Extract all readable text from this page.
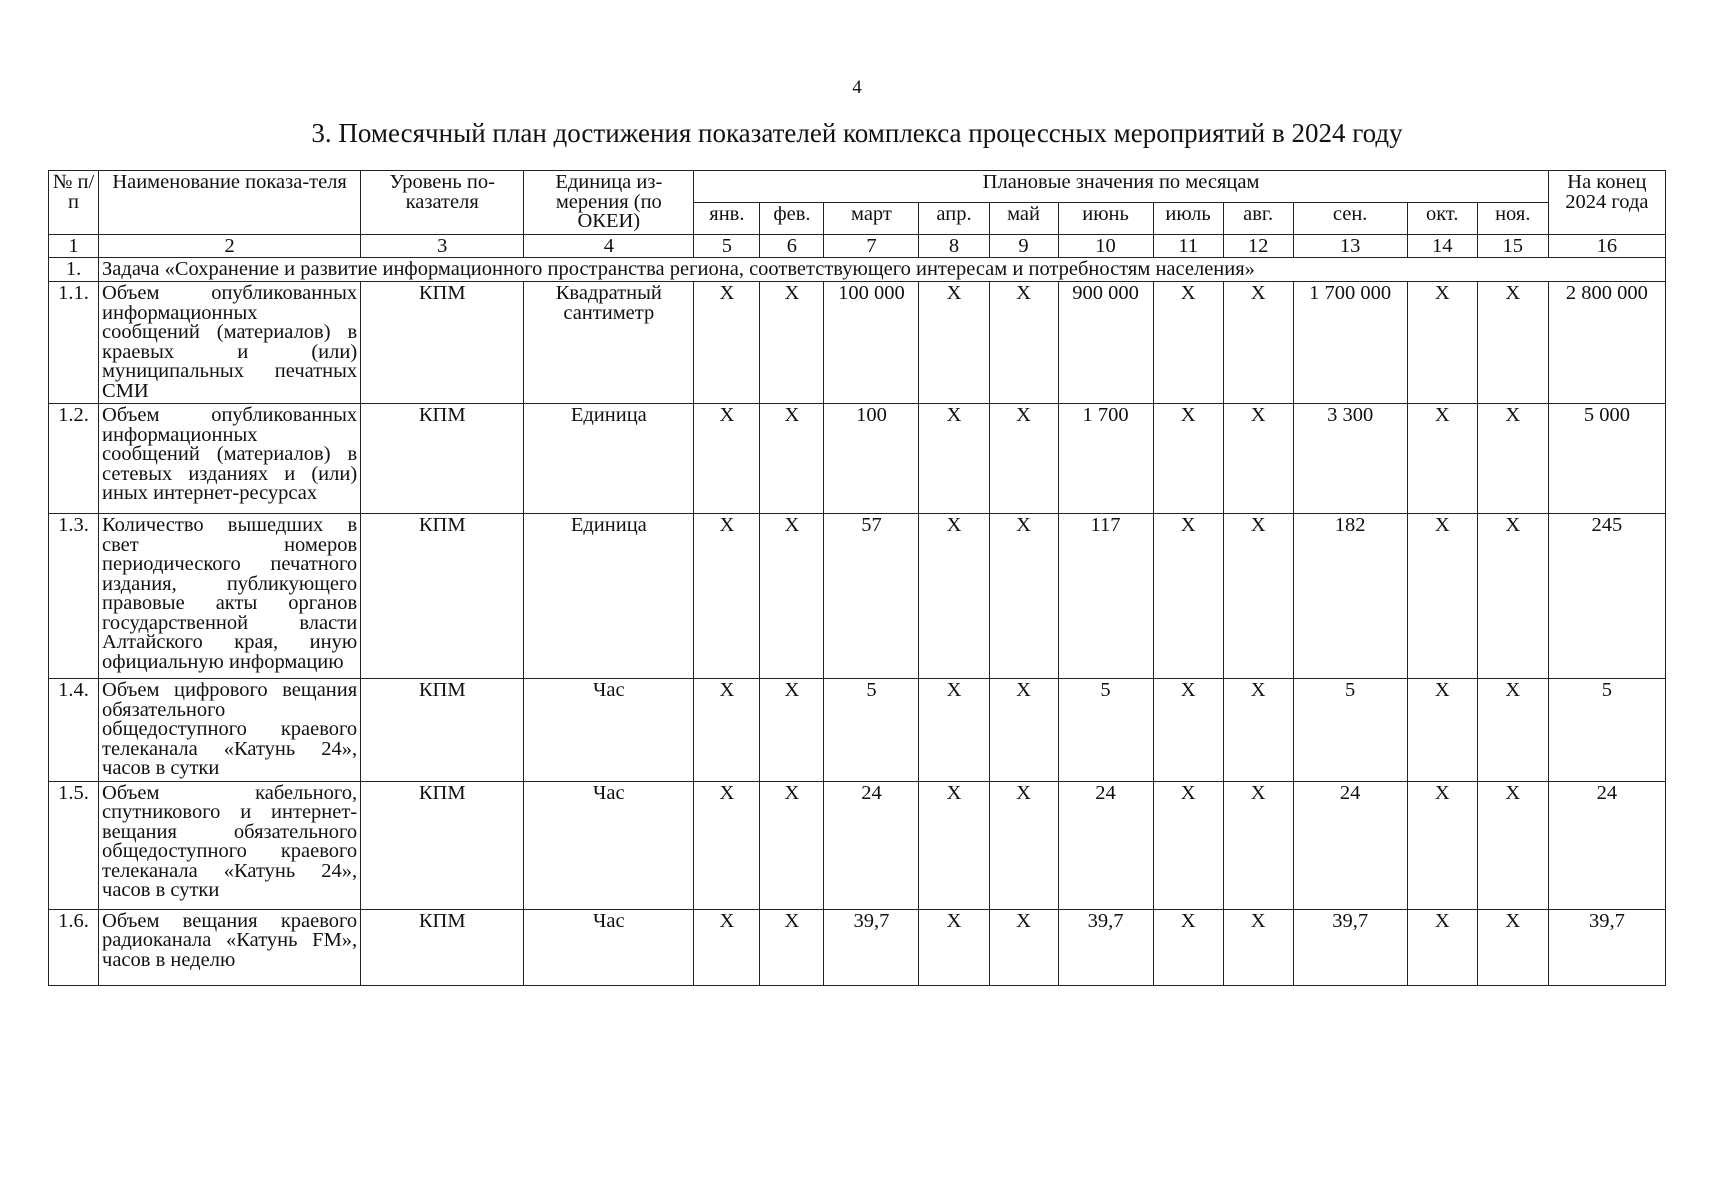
4
3. Помесячный план достижения показателей комплекса процессных мероприятий в 2024 году
№ п/п	Наименование показа-теля	Уровень по-казателя	Единица из-мерения (по ОКЕИ)	Плановые значения по месяцам											На конец 2024 года
				янв.	фев.	март	апр.	май	июнь	июль	авг.	сен.	окт.	ноя.	
1	2	3	4	5	6	7	8	9	10	11	12	13	14	15	16
1.	Задача «Сохранение и развитие информационного пространства региона, соответствующего интересам и потребностям населения»														
1.1.	Объем опубликованных информационных сообщений (материалов) в краевых и (или) муниципальных печатных СМИ	КПМ	Квадратный сантиметр	Х	Х	100 000	Х	Х	900 000	Х	Х	1 700 000	Х	Х	2 800 000
1.2.	Объем опубликованных информационных сообщений (материалов) в сетевых изданиях и (или) иных интернет-ресурсах	КПМ	Единица	Х	Х	100	Х	Х	1 700	Х	Х	3 300	Х	Х	5 000
1.3.	Количество вышедших в свет номеров периодического печатного издания, публикующего правовые акты органов государственной власти Алтайского края, иную официальную информацию	КПМ	Единица	Х	Х	57	Х	Х	117	Х	Х	182	Х	Х	245
1.4.	Объем цифрового вещания обязательного общедоступного краевого телеканала «Катунь 24», часов в сутки	КПМ	Час	Х	Х	5	Х	Х	5	Х	Х	5	Х	Х	5
1.5.	Объем кабельного, спутникового и интернет-вещания обязательного общедоступного краевого телеканала «Катунь 24», часов в сутки	КПМ	Час	Х	Х	24	Х	Х	24	Х	Х	24	Х	Х	24
1.6.	Объем вещания краевого радиоканала «Катунь FM», часов в неделю	КПМ	Час	Х	Х	39,7	Х	Х	39,7	Х	Х	39,7	Х	Х	39,7
